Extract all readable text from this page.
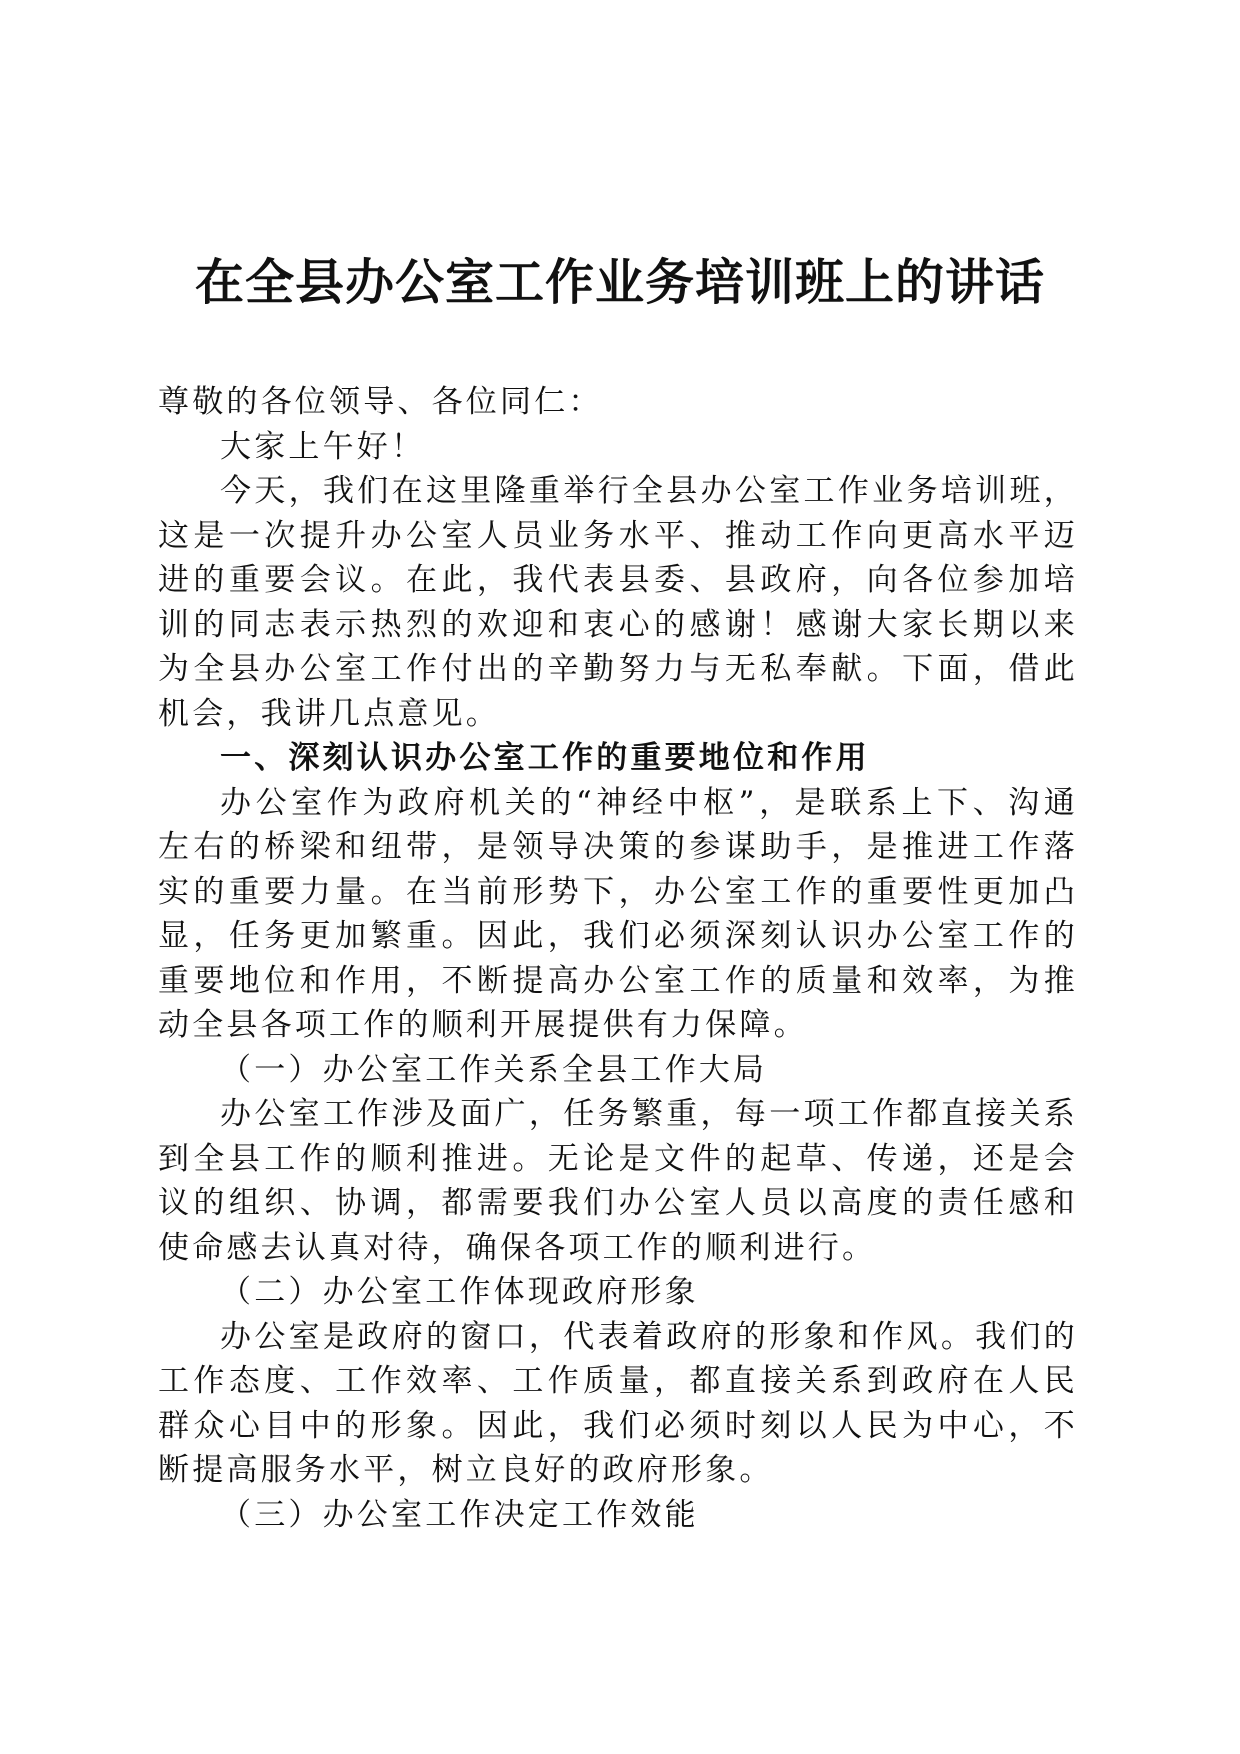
在全县办公室工作业务培训班上的讲话

尊敬的各位领导、各位同仁：

大家上午好！

今天，我们在这里隆重举行全县办公室工作业务培训班，这是一次提升办公室人员业务水平、推动工作向更高水平迈进的重要会议。在此，我代表县委、县政府，向各位参加培训的同志表示热烈的欢迎和衷心的感谢！感谢大家长期以来为全县办公室工作付出的辛勤努力与无私奉献。下面，借此机会，我讲几点意见。

一、深刻认识办公室工作的重要地位和作用

办公室作为政府机关的“神经中枢”，是联系上下、沟通左右的桥梁和纽带，是领导决策的参谋助手，是推进工作落实的重要力量。在当前形势下，办公室工作的重要性更加凸显，任务更加繁重。因此，我们必须深刻认识办公室工作的重要地位和作用，不断提高办公室工作的质量和效率，为推动全县各项工作的顺利开展提供有力保障。

（一）办公室工作关系全县工作大局

办公室工作涉及面广，任务繁重，每一项工作都直接关系到全县工作的顺利推进。无论是文件的起草、传递，还是会议的组织、协调，都需要我们办公室人员以高度的责任感和使命感去认真对待，确保各项工作的顺利进行。

（二）办公室工作体现政府形象

办公室是政府的窗口，代表着政府的形象和作风。我们的工作态度、工作效率、工作质量，都直接关系到政府在人民群众心目中的形象。因此，我们必须时刻以人民为中心，不断提高服务水平，树立良好的政府形象。

（三）办公室工作决定工作效能
